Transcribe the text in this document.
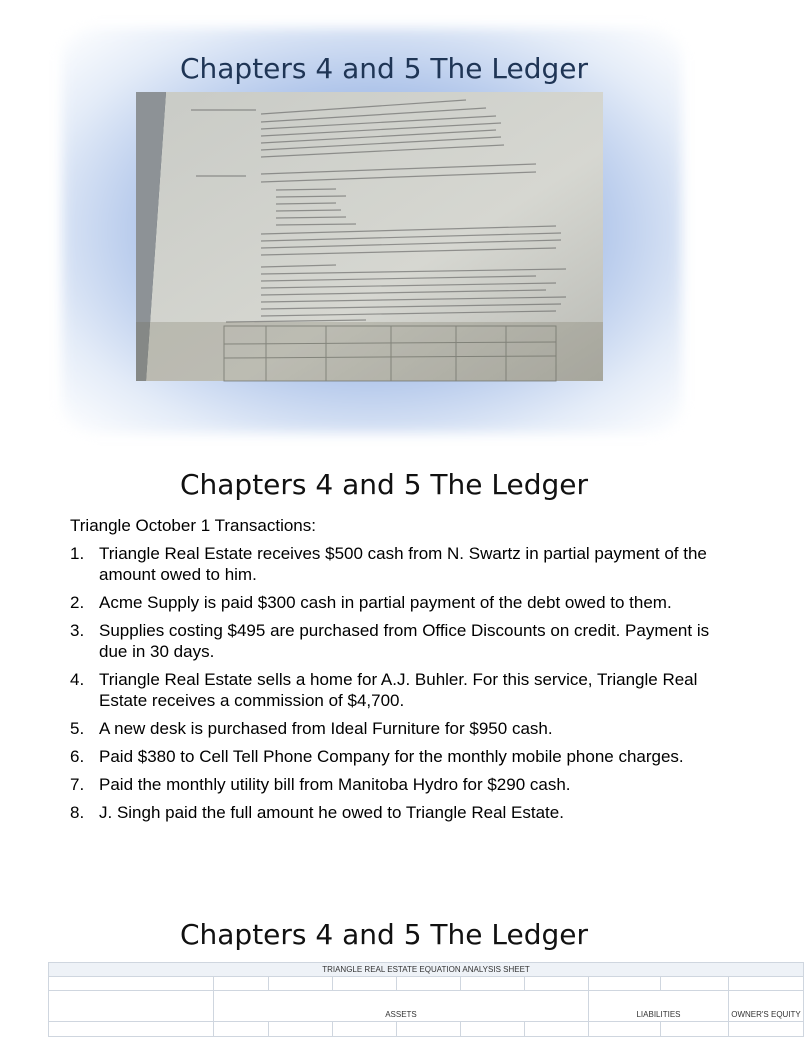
Chapters 4 and 5 The Ledger
Chapters 4 and 5 The Ledger

Triangle October 1 Transactions:

1. Triangle Real Estate receives $500 cash from N. Swartz in partial payment of the amount owed to him.
2. Acme Supply is paid $300 cash in partial payment of the debt owed to them.
3. Supplies costing $495 are purchased from Office Discounts on credit. Payment is due in 30 days.
4. Triangle Real Estate sells a home for A.J. Buhler. For this service, Triangle Real Estate receives a commission of $4,700.
5. A new desk is purchased from Ideal Furniture for $950 cash.
6. Paid $380 to Cell Tell Phone Company for the monthly mobile phone charges.
7. Paid the monthly utility bill from Manitoba Hydro for $290 cash.
8. J. Singh paid the full amount he owed to Triangle Real Estate.
Chapters 4 and 5 The Ledger
TRIANGLE REAL ESTATE EQUATION ANALYSIS SHEET									

	ASSETS						LIABILITIES		OWNER'S EQUITY
